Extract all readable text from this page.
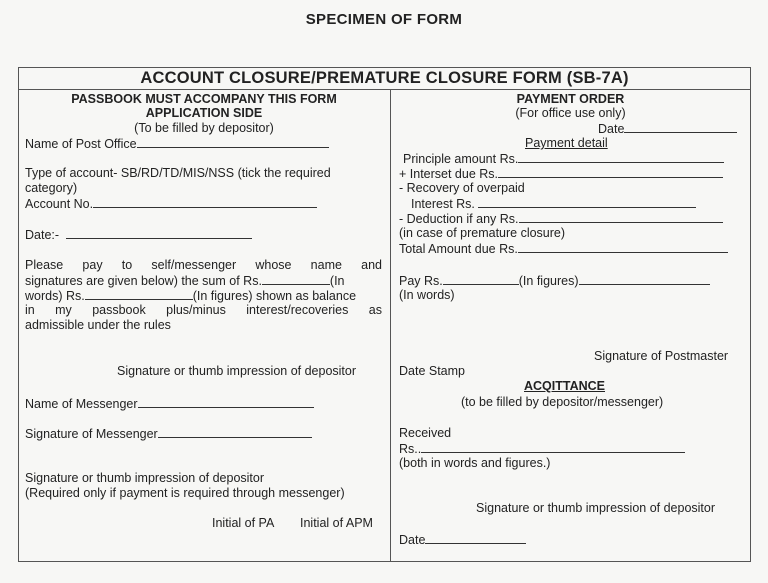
SPECIMEN OF FORM
ACCOUNT CLOSURE/PREMATURE CLOSURE FORM (SB-7A)
PASSBOOK MUST ACCOMPANY THIS FORM
APPLICATION SIDE
(To be filled by depositor)
Name of Post Office
Type of account- SB/RD/TD/MIS/NSS (tick the required
category)
Account No.
Date:-
Please pay to self/messenger whose name and
signatures are given below) the sum of Rs.	(In
words) Rs.	(In figures) shown as balance
in my passbook plus/minus interest/recoveries as
admissible under the rules
Signature or thumb impression of depositor
Name of Messenger
Signature of Messenger
Signature or thumb impression of depositor
(Required only if payment is required through messenger)
Initial of PA Initial of APM
PAYMENT ORDER
(For office use only)
Date
Payment detail
Principle amount Rs.
+ Interset due Rs.
- Recovery of overpaid
Interest Rs.
- Deduction if any Rs.
(in case of premature closure)
Total Amount due Rs.
Pay Rs.	(In figures)
(In words)
Signature of Postmaster
Date Stamp
ACQITTANCE
(to be filled by depositor/messenger)
Received
Rs..
(both in words and figures.)
Signature or thumb impression of depositor
Date
